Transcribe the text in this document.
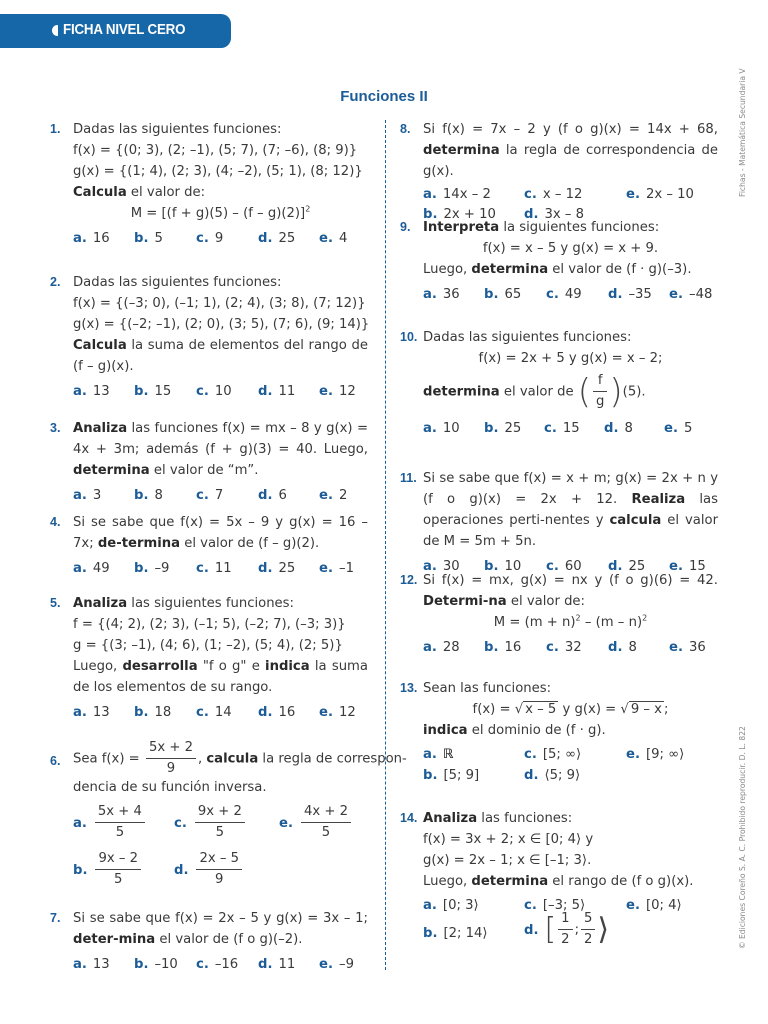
FICHA NIVEL CERO
Funciones II	Fichas - Matemática Secundaria V
© Ediciones Coreño S. A. C. Prohibido reproducir. D. L. 822
1. Dadas las siguientes funciones:
f(x) = {(0; 3), (2; –1), (5; 7), (7; –6), (8; 9)}
g(x) = {(1; 4), (2; 3), (4; –2), (5; 1), (8; 12)}
Calcula el valor de:
$M = [(f + g)(5) - (f - g)(2)]^2$
a. 16 b. 5	c. 9	d. 25 e. 4
2. Dadas las siguientes funciones:
f(x) = {(–3; 0), (–1; 1), (2; 4), (3; 8), (7; 12)}
g(x) = {(–2; –1), (2; 0), (3; 5), (7; 6), (9; 14)}
Calcula la suma de elementos del rango de (f – g)(x).
a. 13 b. 15 c. 10 d. 11 e. 12
3. Analiza las funciones f(x) = mx – 8 y g(x) = 4x + 3m; además (f + g)(3) = 40. Luego, determina el valor de “m”.
a. 3 b. 8	c. 7	d. 6 e. 2
4. Si se sabe que f(x) = 5x – 9 y g(x) = 16 – 7x; de-termina el valor de (f – g)(2).
a. 49 b. –9 c. 11 d. 25 e. –1
5. Analiza las siguientes funciones:
f = {(4; 2), (2; 3), (–1; 5), (–2; 7), (–3; 3)}
g = {(3; –1), (4; 6), (1; –2), (5; 4), (2; 5)}
Luego, desarrolla "f o g" e indica la suma de los elementos de su rango.
a. 13 b. 18 c. 14 d. 16 e. 12
6. Sea $f(x) = \frac{5x + 2}{9}$ , calcula la regla de correspon-
dencia de su función inversa.
a. $\frac{5x + 4}{5} c$. $\frac{9x + 2}{5}$	e. $\frac{4x + 2}{5}$
b. $\frac{9x - 2}{5} d$. $\frac{2x - 5}{9}$
7. Si se sabe que f(x) = 2x – 5 y g(x) = 3x – 1; deter-mina el valor de (f o g)(–2).
a. 13 b. –10 c. –16 d. 11 e. –9
8. Si f(x) = 7x – 2 y (f o g)(x) = 14x + 68, determina la regla de correspondencia de g(x).
a. 14x – 2	c. x – 12	e. 2x – 10
b. 2x + 10 d. 3x – 8
9. Interpreta la siguientes funciones:
f(x) = x – 5 y g(x) = x + 9.
Luego, determina el valor de (f · g)(–3).
a. 36 b. 65 c. 49 d. –35 e. –48
10. Dadas las siguientes funciones:
f(x) = 2x + 5 y g(x) = x – 2;
determina el valor de ( $\frac{f}{g} )(5)$.
a. 10 b. 25 c. 15 d. 8 e. 5
11. Si se sabe que f(x) = x + m; g(x) = 2x + n y (f o g)(x) = 2x + 12. Realiza las operaciones perti-nentes y calcula el valor de M = 5m + 5n.
a. 30 b. 10 c. 60 d. 25 e. 15
12. Si f(x) = mx, g(x) = nx y (f o g)(6) = 42. Determi-na el valor de:
$M = (m + n)^2 - (m - n)^2$
a. 28 b. 16 c. 32 d. 8 e. 36
13. Sean las funciones:
f(x) = √ x – 5 y g(x) = √ 9 – x ;
indica el dominio de (f · g).
a. ℝ	c. [5; ∞⟩	e. [9; ∞⟩
b. [5; 9]	d. ⟨5; 9⟩
14. Analiza las funciones:
f(x) = 3x + 2; x ∈ [0; 4⟩ y
g(x) = 2x – 1; x ∈ [–1; 3⟩.
Luego, determina el rango de (f o g)(x).
a. [0; 3⟩	c. [–3; 5⟩	e. [0; 4⟩
b. [2; 14⟩	d. [ $\frac{1}{2}$ ; $\frac{5}{2}$ ⟩
